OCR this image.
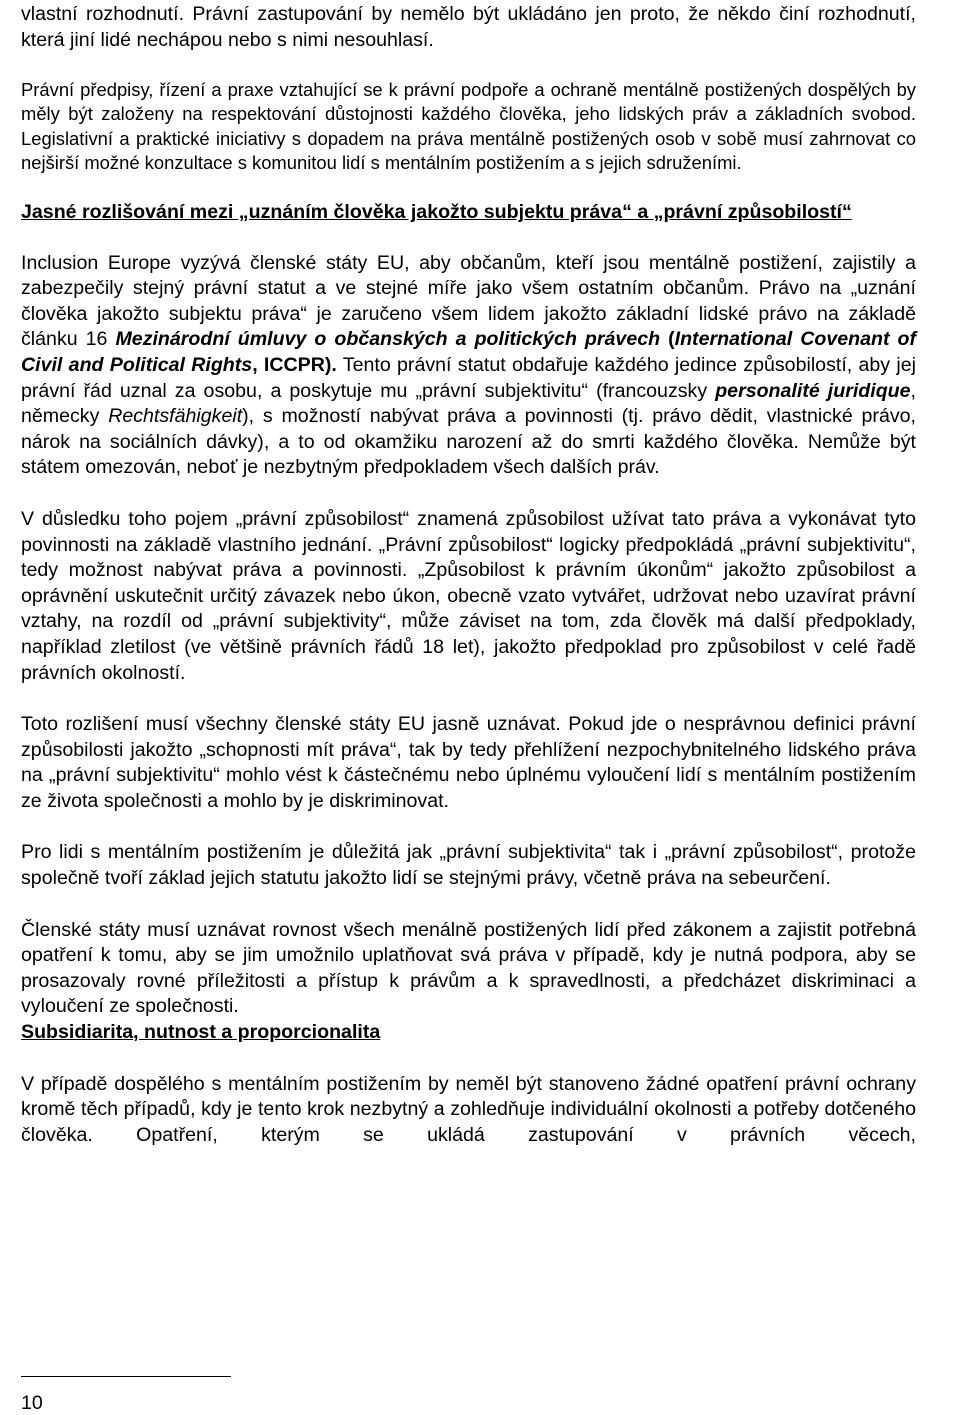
vlastní rozhodnutí. Právní zastupování by nemělo být ukládáno jen proto, že někdo činí rozhodnutí, která jiní lidé nechápou nebo s nimi nesouhlasí.

Právní předpisy, řízení a praxe vztahující se k právní podpoře a ochraně mentálně postižených dospělých by měly být založeny na respektování důstojnosti každého člověka, jeho lidských práv a základních svobod. Legislativní a praktické iniciativy s dopadem na práva mentálně postižených osob v sobě musí zahrnovat co nejširší možné konzultace s komunitou lidí s mentálním postižením a s jejich sdruženími.

Jasné rozlišování mezi „uznáním člověka jakožto subjektu práva“ a „právní způsobilostí“

Inclusion Europe vyzývá členské státy EU, aby občanům, kteří jsou mentálně postižení, zajistily a zabezpečily stejný právní statut a ve stejné míře jako všem ostatním občanům. Právo na „uznání člověka jakožto subjektu práva“ je zaručeno všem lidem jakožto základní lidské právo na základě článku 16 Mezinárodní úmluvy o občanských a politických právech (International Covenant of Civil and Political Rights, ICCPR). Tento právní statut obdařuje každého jedince způsobilostí, aby jej právní řád uznal za osobu, a poskytuje mu „právní subjektivitu“ (francouzsky personalité juridique, německy Rechtsfähigkeit), s možností nabývat práva a povinnosti (tj. právo dědit, vlastnické právo, nárok na sociálních dávky), a to od okamžiku narození až do smrti každého člověka. Nemůže být státem omezován, neboť je nezbytným předpokladem všech dalších práv.

V důsledku toho pojem „právní způsobilost“ znamená způsobilost užívat tato práva a vykonávat tyto povinnosti na základě vlastního jednání. „Právní způsobilost“ logicky předpokládá „právní subjektivitu“, tedy možnost nabývat práva a povinnosti. „Způsobilost k právním úkonům“ jakožto způsobilost a oprávnění uskutečnit určitý závazek nebo úkon, obecně vzato vytvářet, udržovat nebo uzavírat právní vztahy, na rozdíl od „právní subjektivity“, může záviset na tom, zda člověk má další předpoklady, například zletilost (ve většině právních řádů 18 let), jakožto předpoklad pro způsobilost v celé řadě právních okolností.

Toto rozlišení musí všechny členské státy EU jasně uznávat. Pokud jde o nesprávnou definici právní způsobilosti jakožto „schopnosti mít práva“, tak by tedy přehlížení nezpochybnitelného lidského práva na „právní subjektivitu“ mohlo vést k částečnému nebo úplnému vyloučení lidí s mentálním postižením ze života společnosti a mohlo by je diskriminovat.

Pro lidi s mentálním postižením je důležitá jak „právní subjektivita“ tak i „právní způsobilost“, protože společně tvoří základ jejich statutu jakožto lidí se stejnými právy, včetně práva na sebeurčení.

Členské státy musí uznávat rovnost všech menálně postižených lidí před zákonem a zajistit potřebná opatření k tomu, aby se jim umožnilo uplatňovat svá práva v případě, kdy je nutná podpora, aby se prosazovaly rovné příležitosti a přístup k právům a k spravedlnosti, a předcházet diskriminaci a vyloučení ze společnosti.

Subsidiarita, nutnost a proporcionalita

V případě dospělého s mentálním postižením by neměl být stanoveno žádné opatření právní ochrany kromě těch případů, kdy je tento krok nezbytný a zohledňuje individuální okolnosti a potřeby dotčeného člověka. Opatření, kterým se ukládá zastupování v právních věcech,

10
